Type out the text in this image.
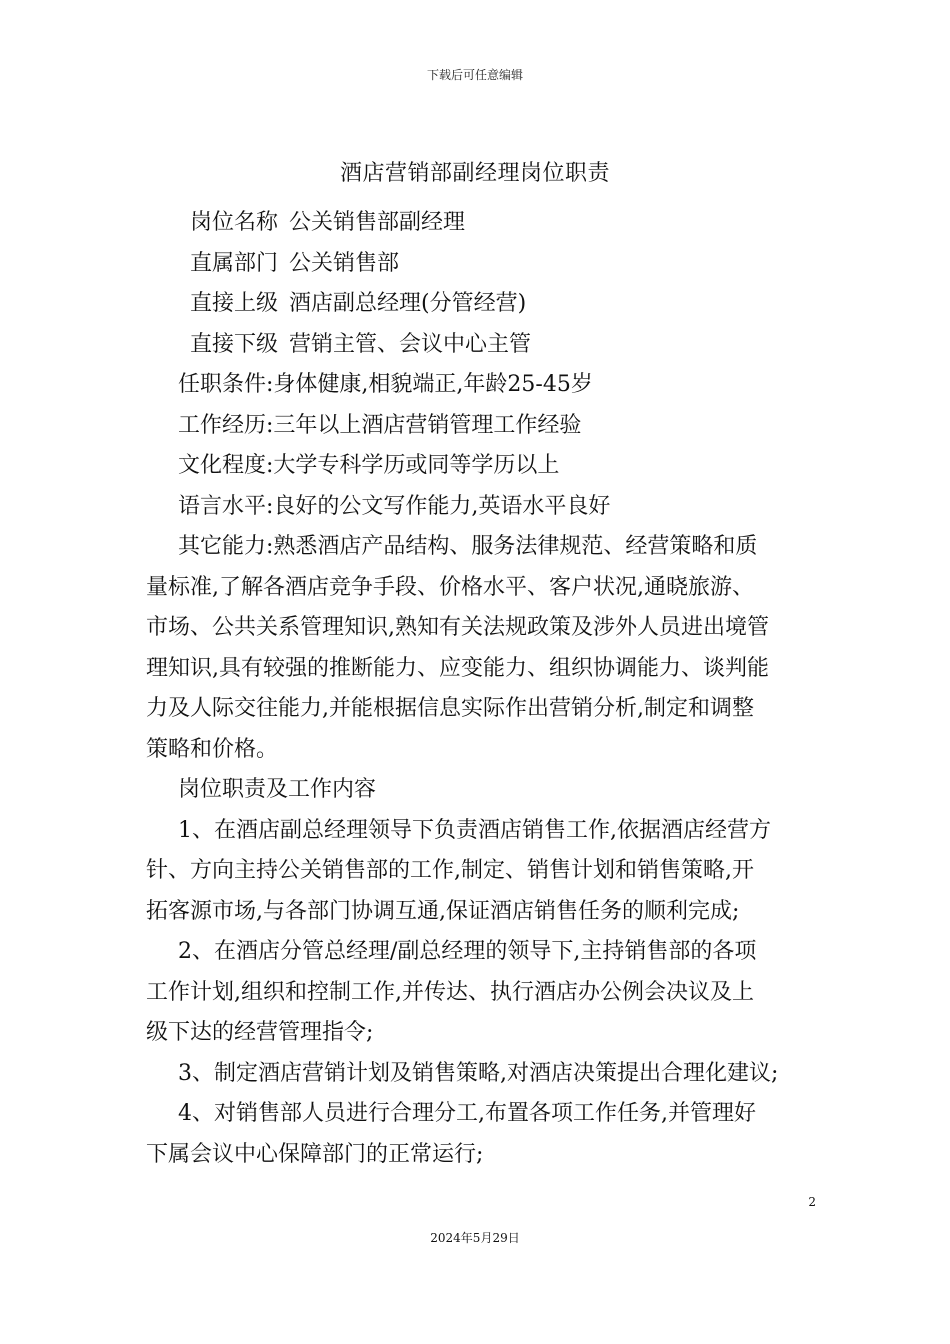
下载后可任意编辑
酒店营销部副经理岗位职责
岗位名称 公关销售部副经理
直属部门 公关销售部
直接上级 酒店副总经理(分管经营)
直接下级 营销主管、会议中心主管
任职条件:身体健康,相貌端正,年龄25-45岁
工作经历:三年以上酒店营销管理工作经验
文化程度:大学专科学历或同等学历以上
语言水平:良好的公文写作能力,英语水平良好
其它能力:熟悉酒店产品结构、服务法律规范、经营策略和质
量标准,了解各酒店竞争手段、价格水平、客户状况,通晓旅游、
市场、公共关系管理知识,熟知有关法规政策及涉外人员进出境管
理知识,具有较强的推断能力、应变能力、组织协调能力、谈判能
力及人际交往能力,并能根据信息实际作出营销分析,制定和调整
策略和价格。
岗位职责及工作内容
1、在酒店副总经理领导下负责酒店销售工作,依据酒店经营方
针、方向主持公关销售部的工作,制定、销售计划和销售策略,开
拓客源市场,与各部门协调互通,保证酒店销售任务的顺利完成;
2、在酒店分管总经理/副总经理的领导下,主持销售部的各项
工作计划,组织和控制工作,并传达、执行酒店办公例会决议及上
级下达的经营管理指令;
3、制定酒店营销计划及销售策略,对酒店决策提出合理化建议;
4、对销售部人员进行合理分工,布置各项工作任务,并管理好
下属会议中心保障部门的正常运行;
2
2024年5月29日
